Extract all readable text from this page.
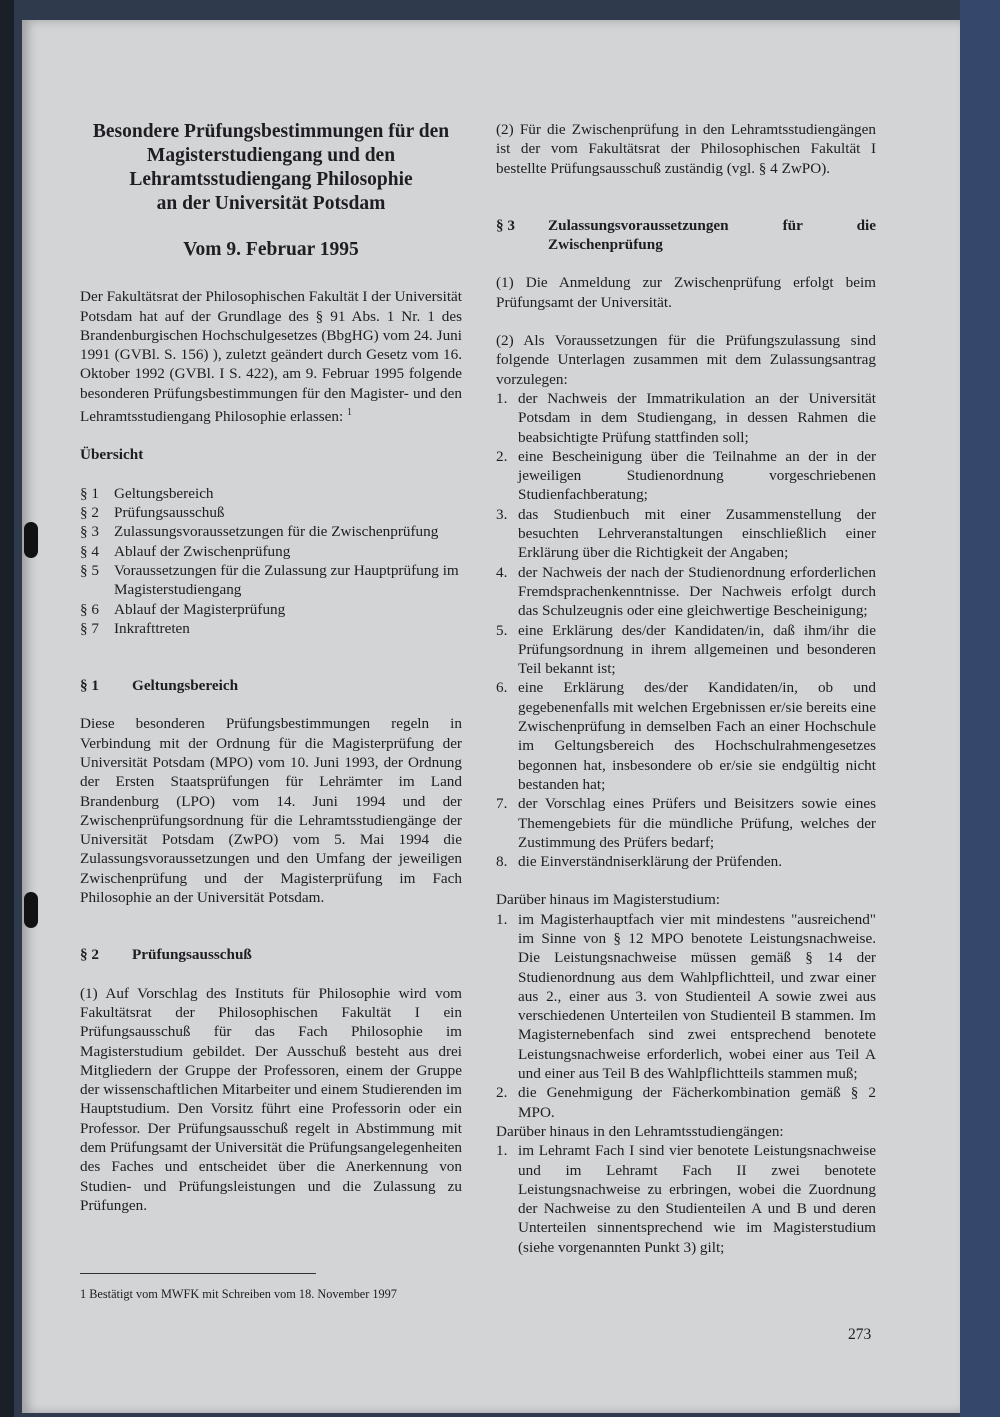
Besondere Prüfungsbestimmungen für den
Magisterstudiengang und den
Lehramtsstudiengang Philosophie
an der Universität Potsdam
Vom 9. Februar 1995

Der Fakultätsrat der Philosophischen Fakultät I der Universität Potsdam hat auf der Grundlage des § 91 Abs. 1 Nr. 1 des Brandenburgischen Hochschulgesetzes (BbgHG) vom 24. Juni 1991 (GVBl. S. 156) ), zuletzt geändert durch Gesetz vom 16. Oktober 1992 (GVBl. I S. 422), am 9. Februar 1995 folgende besonderen Prüfungsbestimmungen für den Magister- und den Lehramtsstudiengang Philosophie erlassen: $^1$

Übersicht

§ 1 Geltungsbereich
§ 2 Prüfungsausschuß
§ 3 Zulassungsvoraussetzungen für die Zwischenprüfung
§ 4 Ablauf der Zwischenprüfung
§ 5 Voraussetzungen für die Zulassung zur Hauptprüfung im Magisterstudiengang
§ 6 Ablauf der Magisterprüfung
§ 7 Inkrafttreten

§ 1	Geltungsbereich

Diese besonderen Prüfungsbestimmungen regeln in Verbindung mit der Ordnung für die Magisterprüfung der Universität Potsdam (MPO) vom 10. Juni 1993, der Ordnung der Ersten Staatsprüfungen für Lehrämter im Land Brandenburg (LPO) vom 14. Juni 1994 und der Zwischenprüfungsordnung für die Lehramtsstudiengänge der Universität Potsdam (ZwPO) vom 5. Mai 1994 die Zulassungsvoraussetzungen und den Umfang der jeweiligen Zwischenprüfung und der Magisterprüfung im Fach Philosophie an der Universität Potsdam.

§ 2	Prüfungsausschuß

(1) Auf Vorschlag des Instituts für Philosophie wird vom Fakultätsrat der Philosophischen Fakultät I ein Prüfungsausschuß für das Fach Philosophie im Magisterstudium gebildet. Der Ausschuß besteht aus drei Mitgliedern der Gruppe der Professoren, einem der Gruppe der wissenschaftlichen Mitarbeiter und einem Studierenden im Hauptstudium. Den Vorsitz führt eine Professorin oder ein Professor. Der Prüfungsausschuß regelt in Abstimmung mit dem Prüfungsamt der Universität die Prüfungsangelegenheiten des Faches und entscheidet über die Anerkennung von Studien- und Prüfungsleistungen und die Zulassung zu Prüfungen.

(2) Für die Zwischenprüfung in den Lehramtsstudiengängen ist der vom Fakultätsrat der Philosophischen Fakultät I bestellte Prüfungsausschuß zuständig (vgl. § 4 ZwPO).

§ 3	Zulassungsvoraussetzungen für die Zwischenprüfung

(1) Die Anmeldung zur Zwischenprüfung erfolgt beim Prüfungsamt der Universität.

(2) Als Voraussetzungen für die Prüfungszulassung sind folgende Unterlagen zusammen mit dem Zulassungsantrag vorzulegen:

1. der Nachweis der Immatrikulation an der Universität Potsdam in dem Studiengang, in dessen Rahmen die beabsichtigte Prüfung stattfinden soll;
2. eine Bescheinigung über die Teilnahme an der in der jeweiligen Studienordnung vorgeschriebenen Studienfachberatung;
3. das Studienbuch mit einer Zusammenstellung der besuchten Lehrveranstaltungen einschließlich einer Erklärung über die Richtigkeit der Angaben;
4. der Nachweis der nach der Studienordnung erforderlichen Fremdsprachenkenntnisse. Der Nachweis erfolgt durch das Schulzeugnis oder eine gleichwertige Bescheinigung;
5. eine Erklärung des/der Kandidaten/in, daß ihm/ihr die Prüfungsordnung in ihrem allgemeinen und besonderen Teil bekannt ist;
6. eine Erklärung des/der Kandidaten/in, ob und gegebenenfalls mit welchen Ergebnissen er/sie bereits eine Zwischenprüfung in demselben Fach an einer Hochschule im Geltungsbereich des Hochschulrahmengesetzes begonnen hat, insbesondere ob er/sie sie endgültig nicht bestanden hat;
7. der Vorschlag eines Prüfers und Beisitzers sowie eines Themengebiets für die mündliche Prüfung, welches der Zustimmung des Prüfers bedarf;
8. die Einverständniserklärung der Prüfenden.

Darüber hinaus im Magisterstudium:

1. im Magisterhauptfach vier mit mindestens "ausreichend" im Sinne von § 12 MPO benotete Leistungsnachweise. Die Leistungsnachweise müssen gemäß § 14 der Studienordnung aus dem Wahlpflichtteil, und zwar einer aus 2., einer aus 3. von Studienteil A sowie zwei aus verschiedenen Unterteilen von Studienteil B stammen. Im Magisternebenfach sind zwei entsprechend benotete Leistungsnachweise erforderlich, wobei einer aus Teil A und einer aus Teil B des Wahlpflichtteils stammen muß;
2. die Genehmigung der Fächerkombination gemäß § 2 MPO.

Darüber hinaus in den Lehramtsstudiengängen:

1. im Lehramt Fach I sind vier benotete Leistungsnachweise und im Lehramt Fach II zwei benotete Leistungsnachweise zu erbringen, wobei die Zuordnung der Nachweise zu den Studienteilen A und B und deren Unterteilen sinnentsprechend wie im Magisterstudium (siehe vorgenannten Punkt 3) gilt;
1 Bestätigt vom MWFK mit Schreiben vom 18. November 1997
273
